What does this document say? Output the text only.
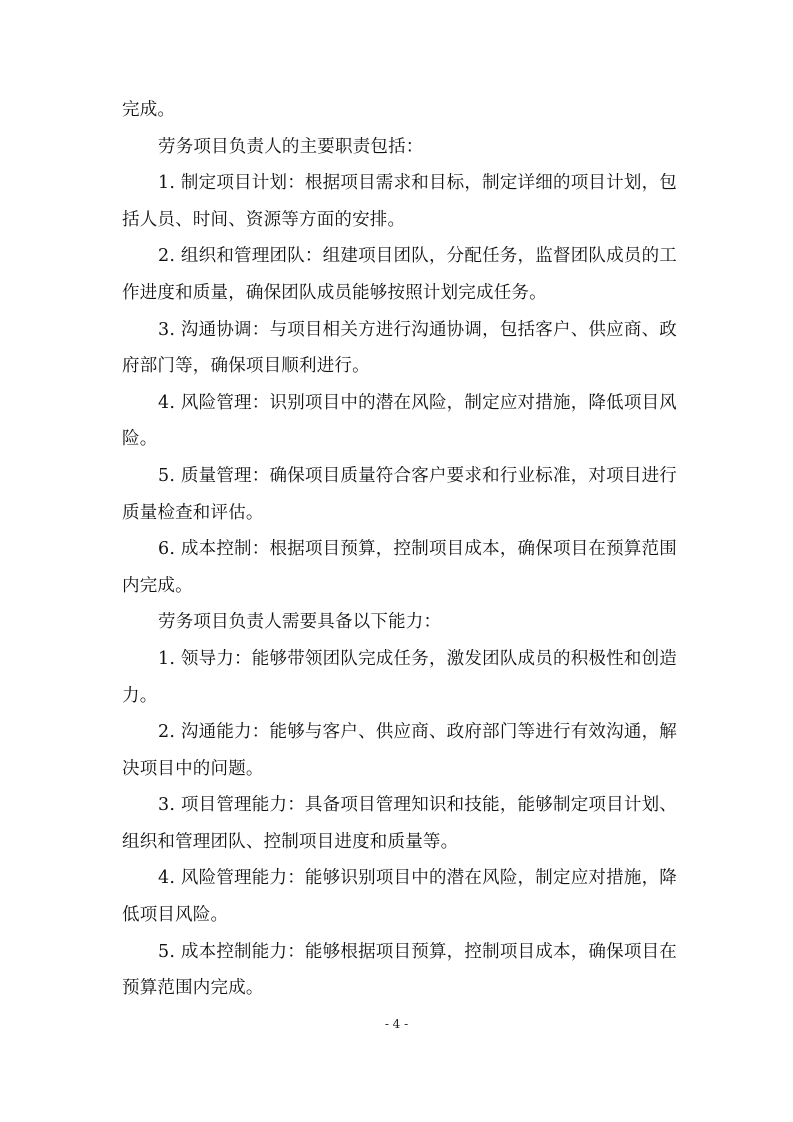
完成。

劳务项目负责人的主要职责包括：

1. 制定项目计划：根据项目需求和目标，制定详细的项目计划，包括人员、时间、资源等方面的安排。

2. 组织和管理团队：组建项目团队，分配任务，监督团队成员的工作进度和质量，确保团队成员能够按照计划完成任务。

3. 沟通协调：与项目相关方进行沟通协调，包括客户、供应商、政府部门等，确保项目顺利进行。

4. 风险管理：识别项目中的潜在风险，制定应对措施，降低项目风险。

5. 质量管理：确保项目质量符合客户要求和行业标准，对项目进行质量检查和评估。

6. 成本控制：根据项目预算，控制项目成本，确保项目在预算范围内完成。

劳务项目负责人需要具备以下能力：

1. 领导力：能够带领团队完成任务，激发团队成员的积极性和创造力。

2. 沟通能力：能够与客户、供应商、政府部门等进行有效沟通，解决项目中的问题。

3. 项目管理能力：具备项目管理知识和技能，能够制定项目计划、组织和管理团队、控制项目进度和质量等。

4. 风险管理能力：能够识别项目中的潜在风险，制定应对措施，降低项目风险。

5. 成本控制能力：能够根据项目预算，控制项目成本，确保项目在预算范围内完成。

- 4 -
